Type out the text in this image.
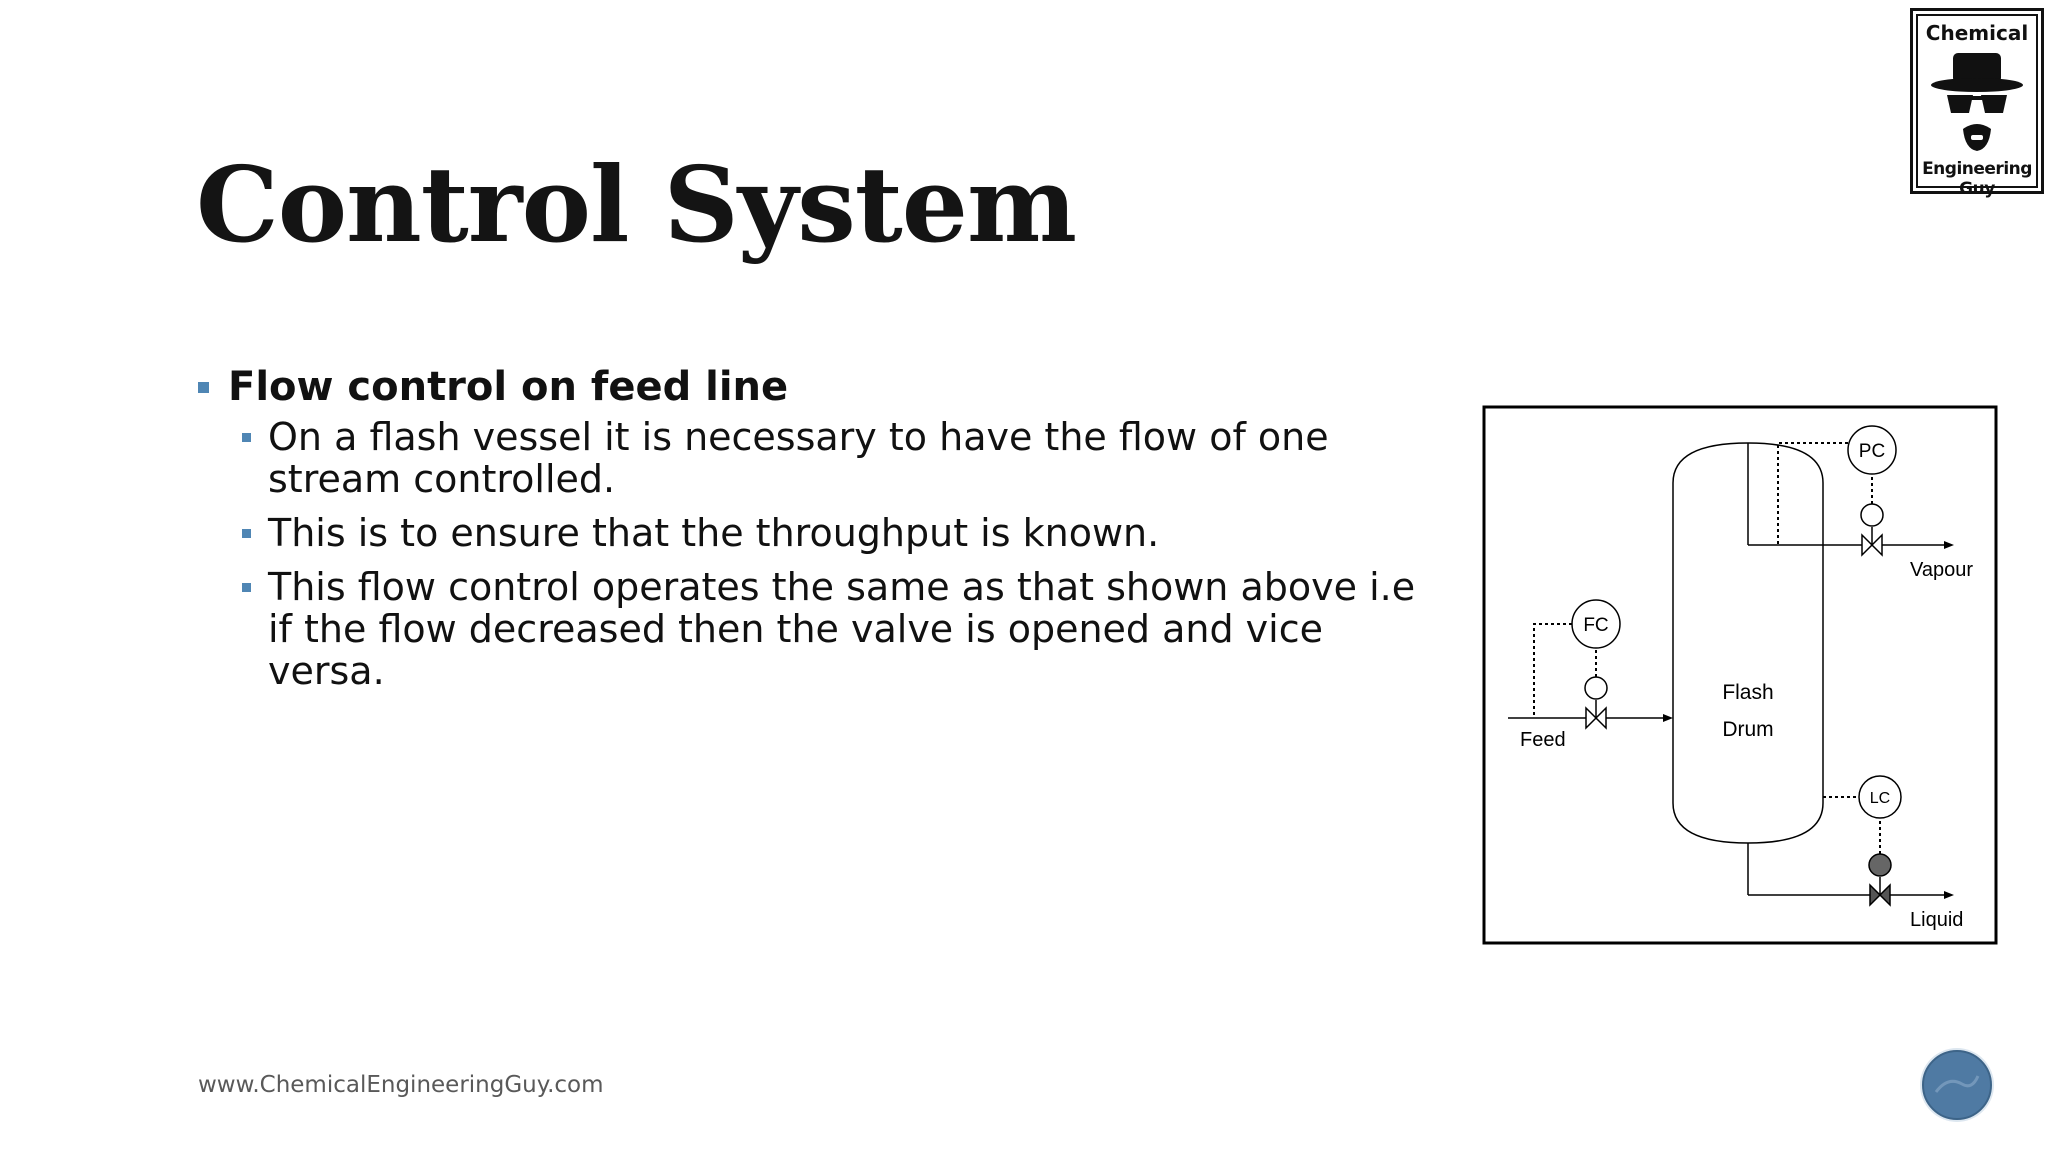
Control System

Flow control on feed line

On a flash vessel it is necessary to have the flow of one stream controlled.
This is to ensure that the throughput is known.
This flow control operates the same as that shown above i.e if the flow decreased then the valve is opened and vice versa.	Flash
Drum
PC
Vapour
FC
Feed
LC
Liquid
Chemical
Engineering Guy
www.ChemicalEngineeringGuy.com
